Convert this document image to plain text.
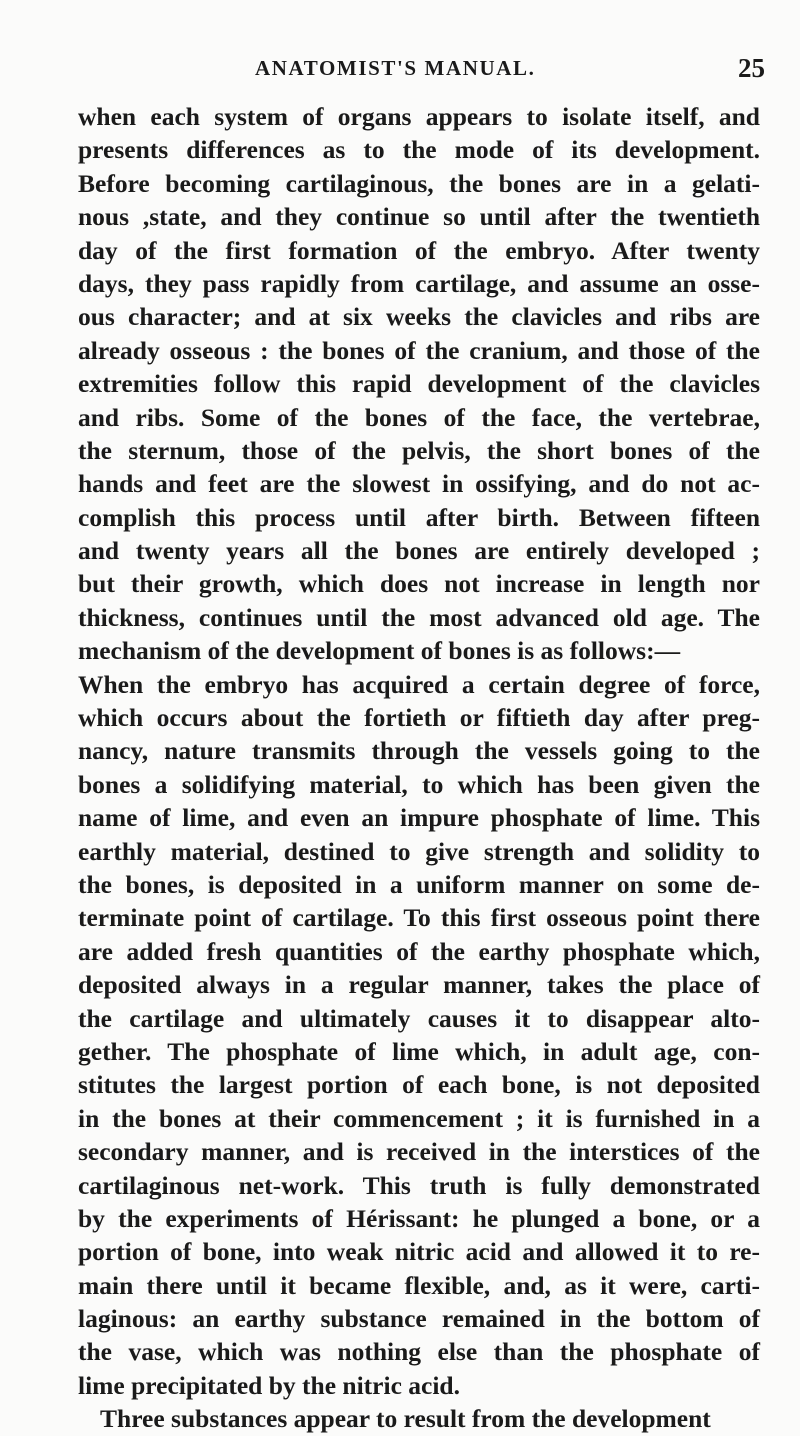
ANATOMIST'S MANUAL.	25
when each system of organs appears to isolate itself, and
presents differences as to the mode of its development.
Before becoming cartilaginous, the bones are in a gelati-
nous ,state, and they continue so until after the twentieth
day of the first formation of the embryo. After twenty
days, they pass rapidly from cartilage, and assume an osse-
ous character; and at six weeks the clavicles and ribs are
already osseous : the bones of the cranium, and those of the
extremities follow this rapid development of the clavicles
and ribs. Some of the bones of the face, the vertebrae,
the sternum, those of the pelvis, the short bones of the
hands and feet are the slowest in ossifying, and do not ac-
complish this process until after birth. Between fifteen
and twenty years all the bones are entirely developed ;
but their growth, which does not increase in length nor
thickness, continues until the most advanced old age. The
mechanism of the development of bones is as follows:—
When the embryo has acquired a certain degree of force,
which occurs about the fortieth or fiftieth day after preg-
nancy, nature transmits through the vessels going to the
bones a solidifying material, to which has been given the
name of lime, and even an impure phosphate of lime. This
earthly material, destined to give strength and solidity to
the bones, is deposited in a uniform manner on some de-
terminate point of cartilage. To this first osseous point there
are added fresh quantities of the earthy phosphate which,
deposited always in a regular manner, takes the place of
the cartilage and ultimately causes it to disappear alto-
gether. The phosphate of lime which, in adult age, con-
stitutes the largest portion of each bone, is not deposited
in the bones at their commencement ; it is furnished in a
secondary manner, and is received in the interstices of the
cartilaginous net-work. This truth is fully demonstrated
by the experiments of Hérissant: he plunged a bone, or a
portion of bone, into weak nitric acid and allowed it to re-
main there until it became flexible, and, as it were, carti-
laginous: an earthy substance remained in the bottom of
the vase, which was nothing else than the phosphate of
lime precipitated by the nitric acid.
Three substances appear to result from the development
